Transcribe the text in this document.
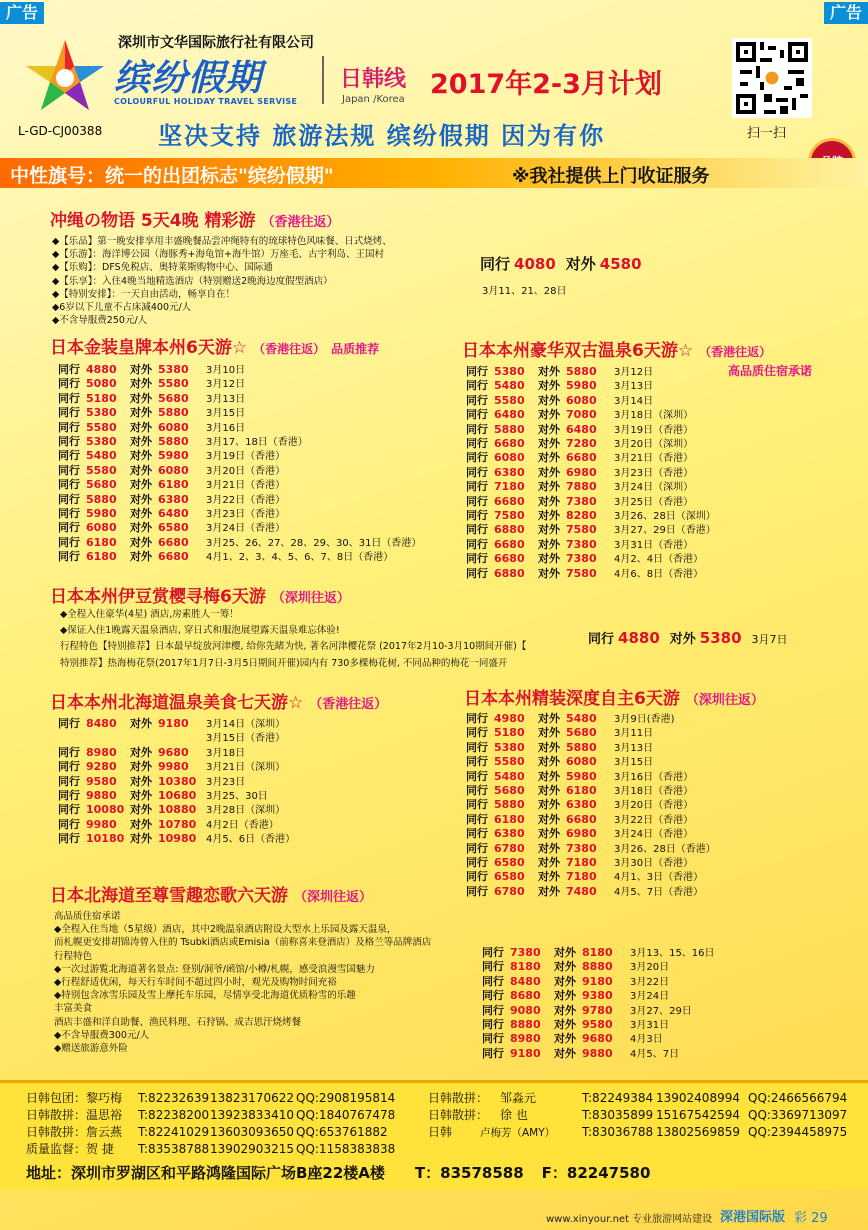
广告	广告
深圳市文华国际旅行社有限公司
缤纷假期
COLOURFUL HOLIDAY TRAVEL SERVISE
日韩线
Japan /Korea 2017年2-3月计划
L-GD-CJ00388 坚决支持 旅游法规 缤纷假期 因为有你	扫一扫
中性旗号：统一的出团标志"缤纷假期"	※我社提供上门收证服务
冲绳の物语 5天4晚 精彩游 （香港往返）
◆【乐品】第一晚安排享用丰盛晚餐品尝冲绳特有的琉球特色风味餐、日式烧烤、
◆【乐游】：海洋博公园（海豚秀+海龟馆+海牛馆）万座毛、古宇利岛、王国村
◆【乐购】：DFS免税店、奥特莱斯购物中心、国际通
◆【乐享】：入住4晚当地精选酒店（特别赠送2晚海边度假型酒店）
◆【特别安排】：一天自由活动，畅享自在！
◆6岁以下儿童不占床减400元/人
◆不含导服费250元/人
同行 4080 对外 4580
3月11、21、28日
日本金装皇牌本州6天游☆ （香港往返） 品质推荐
同行 4880 对外 5380 3月10日
同行 5080 对外 5580 3月12日
同行 5180 对外 5680 3月13日
同行 5380 对外 5880 3月15日
同行 5580 对外 6080 3月16日
同行 5380 对外 5880 3月17、18日（香港）
同行 5480 对外 5980 3月19日（香港）
同行 5580 对外 6080 3月20日（香港）
同行 5680 对外 6180 3月21日（香港）
同行 5880 对外 6380 3月22日（香港）
同行 5980 对外 6480 3月23日（香港）
同行 6080 对外 6580 3月24日（香港）
同行 6180 对外 6680 3月25、26、27、28、29、30、31日（香港）
同行 6180 对外 6680 4月1、2、3、4、5、6、7、8日（香港）
日本本州豪华双古温泉6天游☆ （香港往返）
高品质住宿承诺
同行 5380 对外 5880 3月12日
同行 5480 对外 5980 3月13日
同行 5580 对外 6080 3月14日
同行 6480 对外 7080 3月18日（深圳）
同行 5880 对外 6480 3月19日（香港）
同行 6680 对外 7280 3月20日（深圳）
同行 6080 对外 6680 3月21日（香港）
同行 6380 对外 6980 3月23日（香港）
同行 7180 对外 7880 3月24日（深圳）
同行 6680 对外 7380 3月25日（香港）
同行 7580 对外 8280 3月26、28日（深圳）
同行 6880 对外 7580 3月27、29日（香港）
同行 6680 对外 7380 3月31日（香港）
同行 6680 对外 7380 4月2、4日（香港）
同行 6880 对外 7580 4月6、8日（香港）
日本本州伊豆赏樱寻梅6天游 （深圳往返）
◆全程入住豪华(4星) 酒店,房素胜人一筹！
◆保证入住1晚露天温泉酒店, 穿日式和服泡展望露天温泉难忘体验!
行程特色【特别推荐】日本最早绽放河津樱, 给你先睹为快, 著名河津樱花祭 (2017年2月10-3月10期间开催)【
特别推荐】热海梅花祭(2017年1月7日-3月5日期间开催)园内有 730多棵梅花树, 不同品种的梅花一同盛开
同行 4880 对外 5380 3月7日
日本本州北海道温泉美食七天游☆ （香港往返）
同行 8480 对外 9180 3月14日（深圳）
3月15日（香港）
同行 8980 对外 9680 3月18日
同行 9280 对外 9980 3月21日（深圳）
同行 9580 对外 10380 3月23日
同行 9880 对外 10680 3月25、30日
同行 10080 对外 10880 3月28日（深圳）
同行 9980 对外 10780 4月2日（香港）
同行 10180 对外 10980 4月5、6日（香港）
日本本州精装深度自主6天游 （深圳往返）
同行 4980 对外 5480 3月9日(香港)
同行 5180 对外 5680 3月11日
同行 5380 对外 5880 3月13日
同行 5580 对外 6080 3月15日
同行 5480 对外 5980 3月16日（香港）
同行 5680 对外 6180 3月18日（香港）
同行 5880 对外 6380 3月20日（香港）
同行 6180 对外 6680 3月22日（香港）
同行 6380 对外 6980 3月24日（香港）
同行 6780 对外 7380 3月26、28日（香港）
同行 6580 对外 7180 3月30日（香港）
同行 6580 对外 7180 4月1、3日（香港）
同行 6780 对外 7480 4月5、7日（香港）
日本北海道至尊雪趣恋歌六天游 （深圳往返）
高品质住宿承诺
◆全程入住当地（5星级）酒店，其中2晚温泉酒店附设大型水上乐园及露天温泉，
而札幌更安排胡锦涛曾入住的 Tsubki酒店或Emisia（前称喜来登酒店）及格兰等品牌酒店
行程特色
◆一次过游覧北海道著名景点: 登别/洞爷/函馆/小樽/札幌，感受浪漫雪国魅力
◆行程舒适优闲，每天行车时间不超过四小时，观光及购物时间充裕
◆特别包含冰雪乐园及雪上摩托车乐园，尽情享受北海道优质粉雪的乐趣
丰富美食
酒店丰盛和洋自助餐、渔民料理、石狩锅、成吉思汗烧烤餐
◆不含导服费300元/人
◆赠送旅游意外险
同行 7380 对外 8180 3月13、15、16日
同行 8180 对外 8880 3月20日
同行 8480 对外 9180 3月22日
同行 8680 对外 9380 3月24日
同行 9080 对外 9780 3月27、29日
同行 8880 对外 9580 3月31日
同行 8980 对外 9680 4月3日
同行 9180 对外 9880 4月5、7日
日韩包团：黎巧梅 T:8223263913823170622 QQ:2908195814
日韩散拼：温思裕 T:8223820013923833410 QQ:1840767478
日韩散拼：詹云燕 T:8224102913603093650 QQ:653761882
质量监督：贺 捷 T:8353878813902903215 QQ:1158383838
日韩散拼： 邹淼元	T:82249384 13902408994 QQ:2466566794
日韩散拼： 徐 也	T:83035899 15167542594 QQ:3369713097
日韩	卢梅芳（AMY） T:83036788 13802569859 QQ:2394458975
地址：深圳市罗湖区和平路鸿隆国际广场B座22楼A楼 T：83578588 F：82247580
www.xinyour.net 专业旅游网站建设 深港国际版 彩 29
